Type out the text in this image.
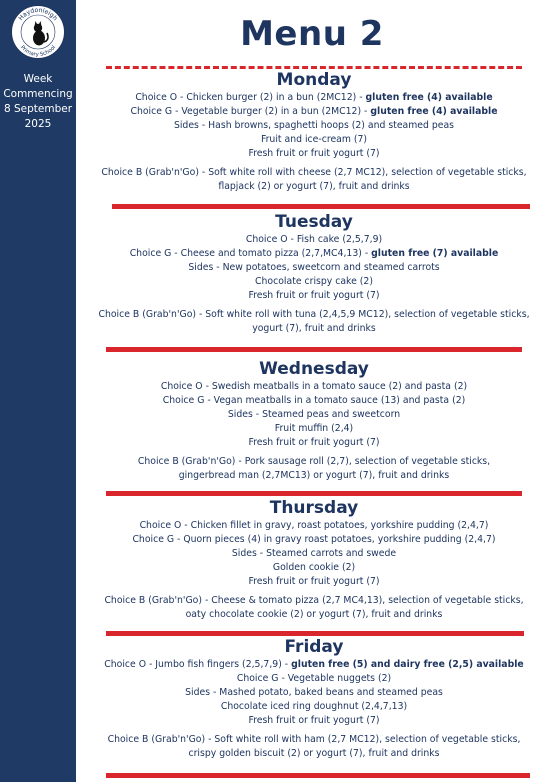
Haydonleigh
Primary School
Week
Commencing
8 September
2025
Menu 2
Monday
Choice O - Chicken burger (2) in a bun (2MC12) - gluten free (4) available
Choice G - Vegetable burger (2) in a bun (2MC12) - gluten free (4) available
Sides - Hash browns, spaghetti hoops (2) and steamed peas
Fruit and ice-cream (7)
Fresh fruit or fruit yogurt (7)
Choice B (Grab'n'Go) - Soft white roll with cheese (2,7 MC12), selection of vegetable sticks,
flapjack (2) or yogurt (7), fruit and drinks
Tuesday
Choice O - Fish cake (2,5,7,9)
Choice G - Cheese and tomato pizza (2,7,MC4,13) - gluten free (7) available
Sides - New potatoes, sweetcorn and steamed carrots
Chocolate crispy cake (2)
Fresh fruit or fruit yogurt (7)
Choice B (Grab'n'Go) - Soft white roll with tuna (2,4,5,9 MC12), selection of vegetable sticks,
yogurt (7), fruit and drinks
Wednesday
Choice O - Swedish meatballs in a tomato sauce (2) and pasta (2)
Choice G - Vegan meatballs in a tomato sauce (13) and pasta (2)
Sides - Steamed peas and sweetcorn
Fruit muffin (2,4)
Fresh fruit or fruit yogurt (7)
Choice B (Grab'n'Go) - Pork sausage roll (2,7), selection of vegetable sticks,
gingerbread man (2,7MC13) or yogurt (7), fruit and drinks
Thursday
Choice O - Chicken fillet in gravy, roast potatoes, yorkshire pudding (2,4,7)
Choice G - Quorn pieces (4) in gravy roast potatoes, yorkshire pudding (2,4,7)
Sides - Steamed carrots and swede
Golden cookie (2)
Fresh fruit or fruit yogurt (7)
Choice B (Grab'n'Go) - Cheese & tomato pizza (2,7 MC4,13), selection of vegetable sticks,
oaty chocolate cookie (2) or yogurt (7), fruit and drinks
Friday
Choice O - Jumbo fish fingers (2,5,7,9) - gluten free (5) and dairy free (2,5) available
Choice G - Vegetable nuggets (2)
Sides - Mashed potato, baked beans and steamed peas
Chocolate iced ring doughnut (2,4,7,13)
Fresh fruit or fruit yogurt (7)
Choice B (Grab'n'Go) - Soft white roll with ham (2,7 MC12), selection of vegetable sticks,
crispy golden biscuit (2) or yogurt (7), fruit and drinks
